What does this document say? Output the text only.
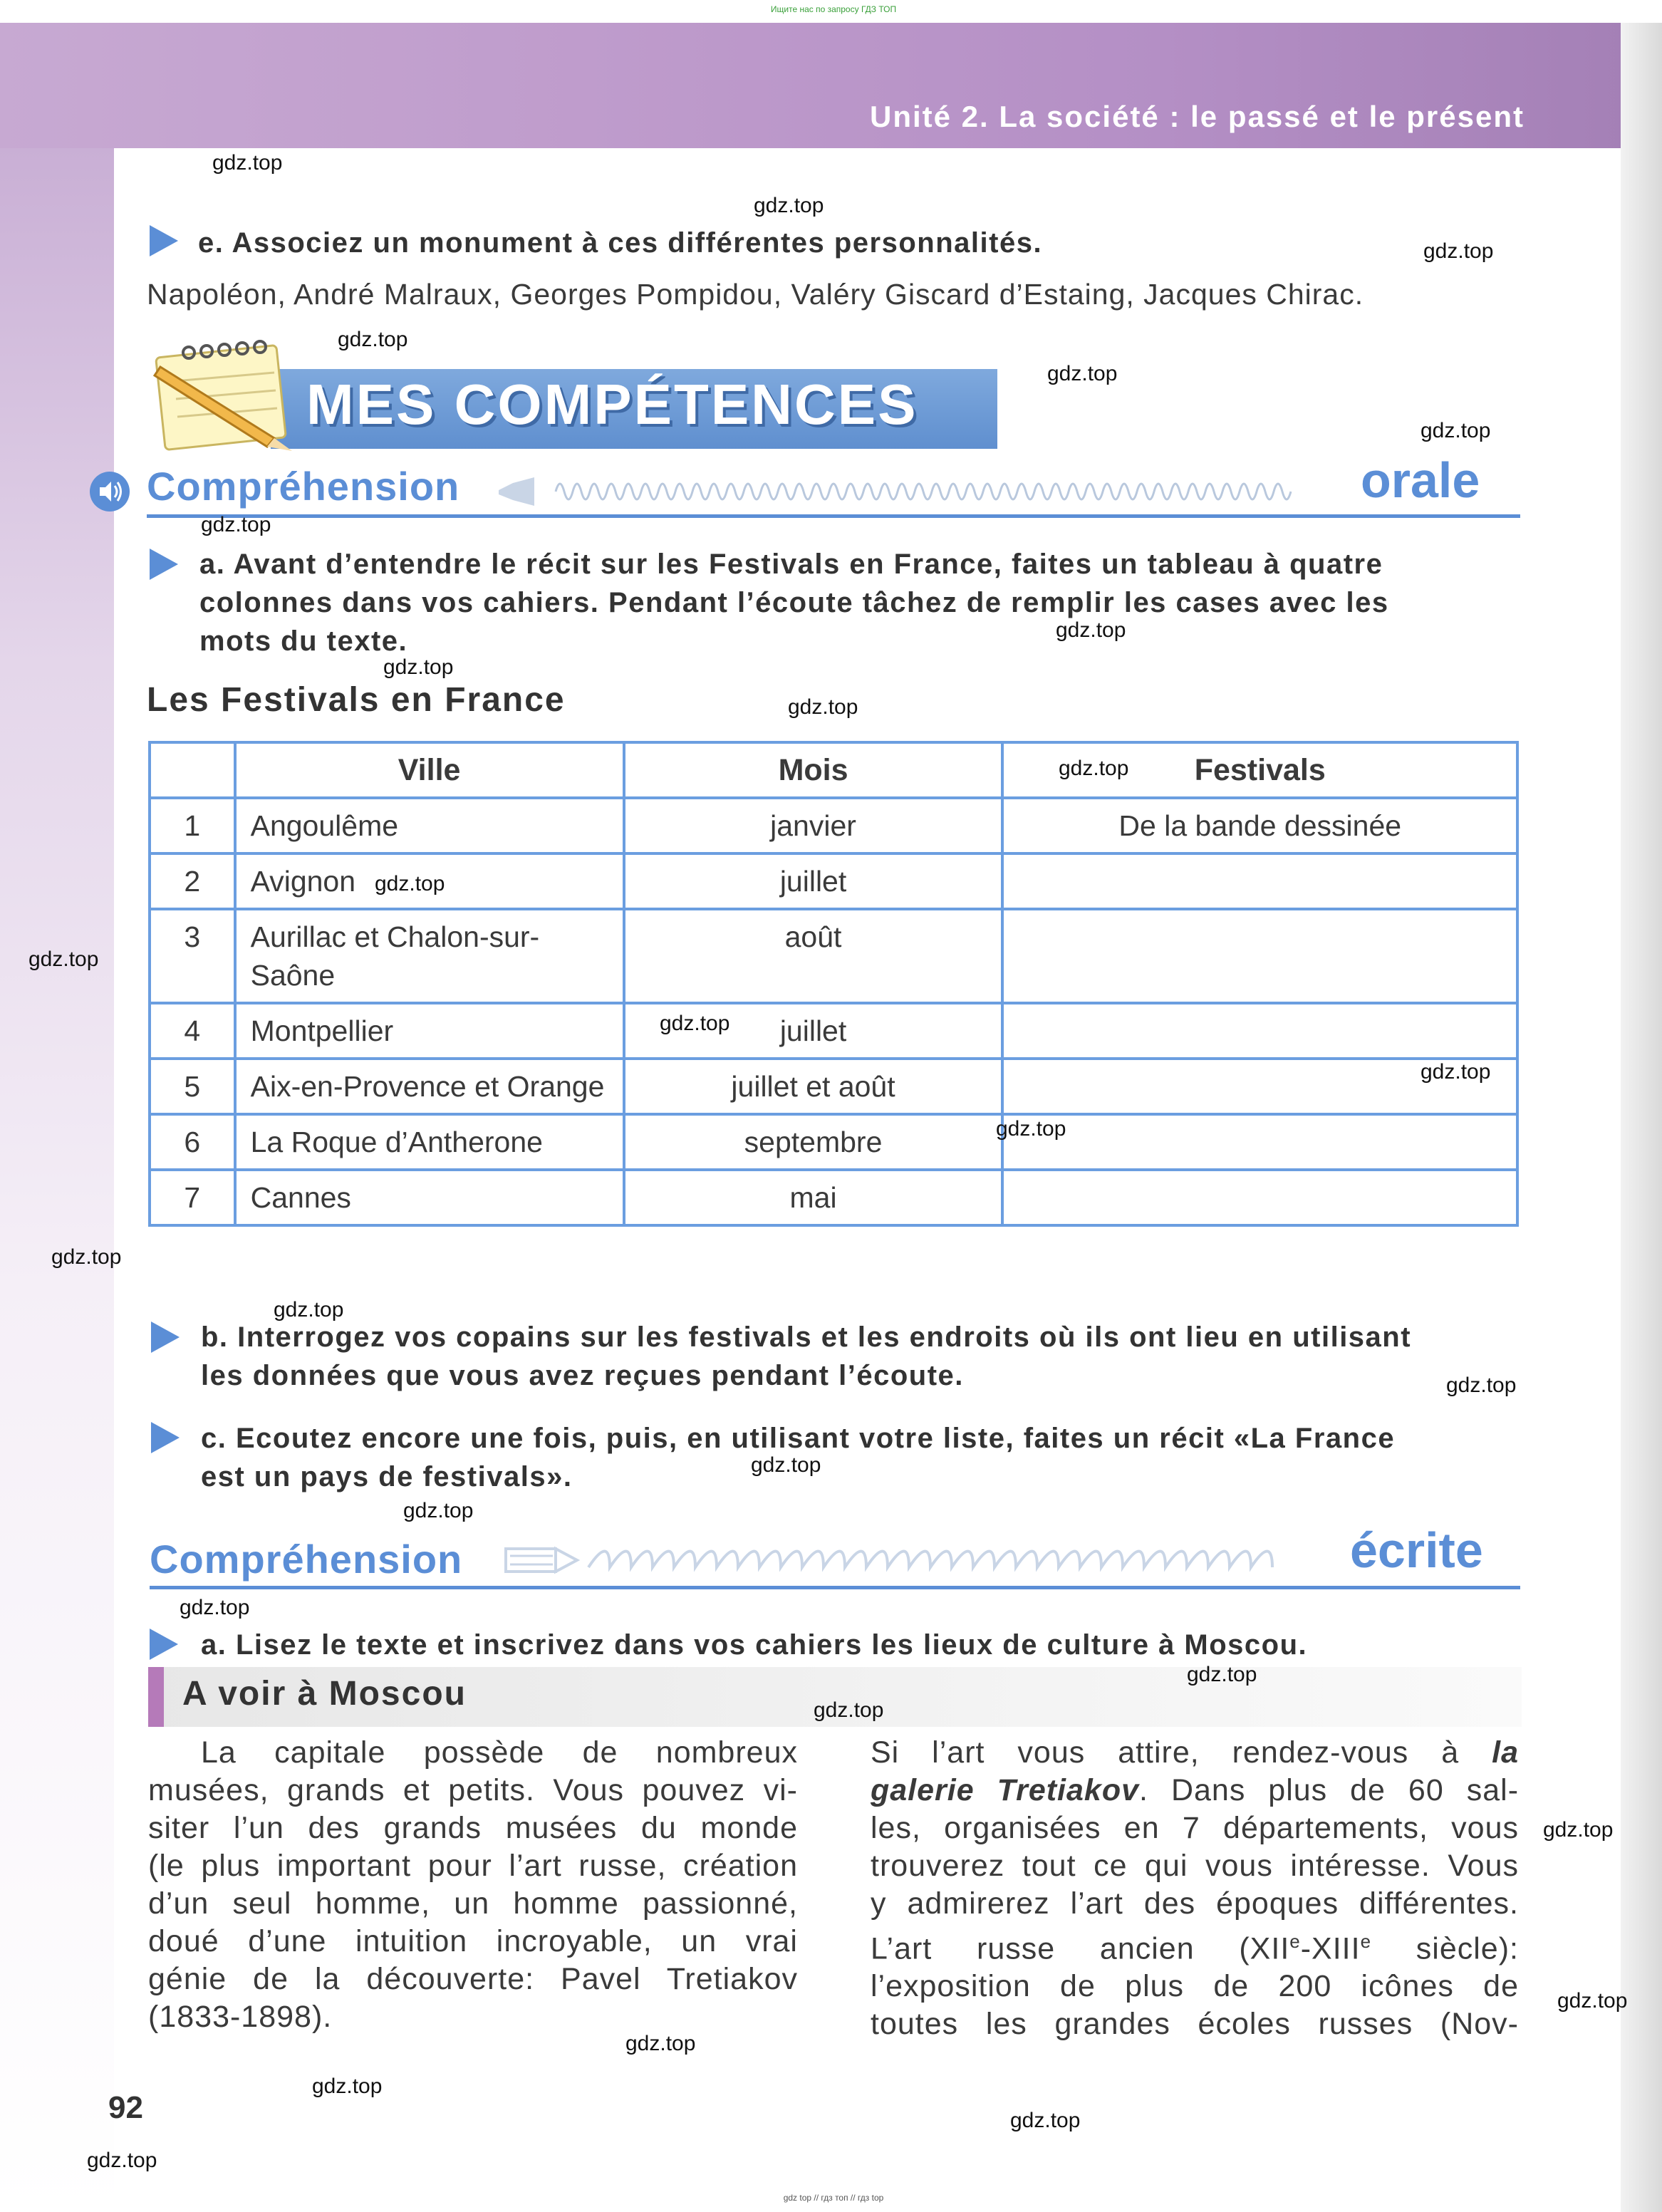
Ищите нас по запросу ГДЗ ТОП
Unité 2. La société : le passé et le présent
e. Associez un monument à ces différentes personnalités.
Napoléon, André Malraux, Georges Pompidou, Valéry Giscard d’Estaing, Jacques Chirac.
MES COMPÉTENCES
Compréhension	orale
a. Avant d’entendre le récit sur les Festivals en France, faites un tableau à quatre
colonnes dans vos cahiers. Pendant l’écoute tâchez de remplir les cases avec les
mots du texte.
Les Festivals en France
	Ville	Mois	Festivals
1	Angoulême	janvier	De la bande dessinée
2	Avignon	juillet	
3	Aurillac et Chalon-sur-Saône	août	
4	Montpellier	juillet	
5	Aix-en-Provence et Orange	juillet et août	
6	La Roque d’Antherone	septembre	
7	Cannes	mai	
b. Interrogez vos copains sur les festivals et les endroits où ils ont lieu en utilisant
les données que vous avez reçues pendant l’écoute.
c. Ecoutez encore une fois, puis, en utilisant votre liste, faites un récit «La France
est un pays de festivals».
Compréhension	écrite
a. Lisez le texte et inscrivez dans vos cahiers les lieux de culture à Moscou.
A voir à Moscou
La capitale possède de nombreux
musées, grands et petits. Vous pouvez vi-
siter l’un des grands musées du monde
(le plus important pour l’art russe, création
d’un seul homme, un homme passionné,
doué d’une intuition incroyable, un vrai
génie de la découverte: Pavel Tretiakov
(1833-1898).
Si l’art vous attire, rendez-vous à la
galerie Tretiakov. Dans plus de 60 sal-
les, organisées en 7 départements, vous
trouverez tout ce qui vous intéresse. Vous
y admirerez l’art des époques différentes.
L’art russe ancien (XIIe-XIIIe siècle):
l’exposition de plus de 200 icônes de
toutes les grandes écoles russes (Nov-
92
gdz top // гдз топ // гдз top
gdz.top
gdz.top
gdz.top
gdz.top
gdz.top
gdz.top
gdz.top
gdz.top
gdz.top
gdz.top
gdz.top
gdz.top
gdz.top
gdz.top
gdz.top
gdz.top
gdz.top
gdz.top
gdz.top
gdz.top
gdz.top
gdz.top
gdz.top
gdz.top
gdz.top
gdz.top
gdz.top
gdz.top
gdz.top
gdz.top
